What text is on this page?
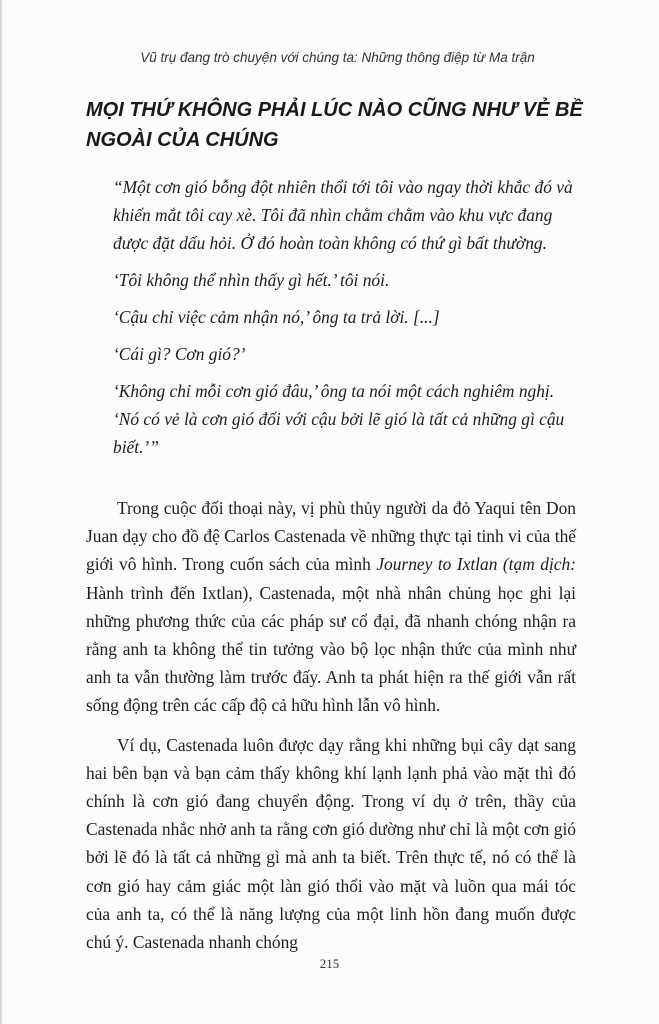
Vũ trụ đang trò chuyện với chúng ta: Những thông điệp từ Ma trận
MỌI THỨ KHÔNG PHẢI LÚC NÀO CŨNG NHƯ VẺ BỀ NGOÀI CỦA CHÚNG

“Một cơn gió bỗng đột nhiên thổi tới tôi vào ngay thời khắc đó và khiến mắt tôi cay xè. Tôi đã nhìn chằm chằm vào khu vực đang được đặt dấu hỏi. Ở đó hoàn toàn không có thứ gì bất thường.

‘Tôi không thể nhìn thấy gì hết.’ tôi nói.

‘Cậu chỉ việc cảm nhận nó,’ ông ta trả lời. [...]

‘Cái gì? Cơn gió?’

‘Không chỉ mỗi cơn gió đâu,’ ông ta nói một cách nghiêm nghị. ‘Nó có vẻ là cơn gió đối với cậu bởi lẽ gió là tất cả những gì cậu biết.’”

Trong cuộc đối thoại này, vị phù thủy người da đỏ Yaqui tên Don Juan dạy cho đồ đệ Carlos Castenada về những thực tại tinh vi của thế giới vô hình. Trong cuốn sách của mình Journey to Ixtlan (tạm dịch: Hành trình đến Ixtlan), Castenada, một nhà nhân chủng học ghi lại những phương thức của các pháp sư cổ đại, đã nhanh chóng nhận ra rằng anh ta không thể tin tưởng vào bộ lọc nhận thức của mình như anh ta vẫn thường làm trước đấy. Anh ta phát hiện ra thế giới vẫn rất sống động trên các cấp độ cả hữu hình lẫn vô hình.

Ví dụ, Castenada luôn được dạy rằng khi những bụi cây dạt sang hai bên bạn và bạn cảm thấy không khí lạnh lạnh phả vào mặt thì đó chính là cơn gió đang chuyển động. Trong ví dụ ở trên, thầy của Castenada nhắc nhở anh ta rằng cơn gió dường như chỉ là một cơn gió bởi lẽ đó là tất cả những gì mà anh ta biết. Trên thực tế, nó có thể là cơn gió hay cảm giác một làn gió thổi vào mặt và luồn qua mái tóc của anh ta, có thể là năng lượng của một linh hồn đang muốn được chú ý. Castenada nhanh chóng

215
